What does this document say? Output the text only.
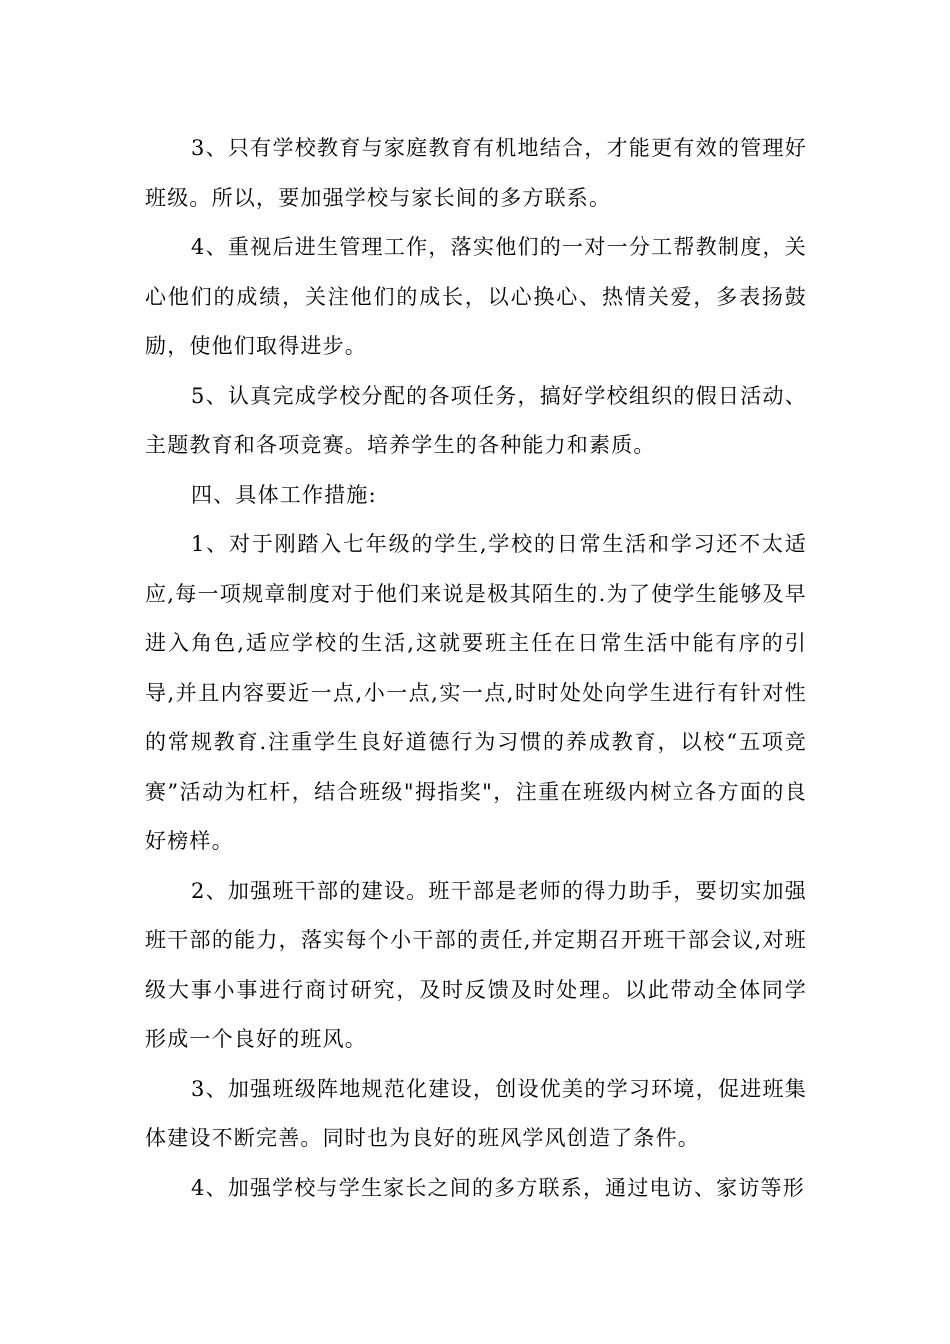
3、只有学校教育与家庭教育有机地结合，才能更有效的管理好班级。所以，要加强学校与家长间的多方联系。

4、重视后进生管理工作，落实他们的一对一分工帮教制度，关心他们的成绩，关注他们的成长，以心换心、热情关爱，多表扬鼓励，使他们取得进步。

5、认真完成学校分配的各项任务，搞好学校组织的假日活动、主题教育和各项竞赛。培养学生的各种能力和素质。

四、具体工作措施:

1、对于刚踏入七年级的学生,学校的日常生活和学习还不太适应,每一项规章制度对于他们来说是极其陌生的.为了使学生能够及早进入角色,适应学校的生活,这就要班主任在日常生活中能有序的引导,并且内容要近一点,小一点,实一点,时时处处向学生进行有针对性的常规教育.注重学生良好道德行为习惯的养成教育，以校“五项竞赛”活动为杠杆，结合班级"拇指奖"，注重在班级内树立各方面的良好榜样。

2、加强班干部的建设。班干部是老师的得力助手，要切实加强班干部的能力，落实每个小干部的责任,并定期召开班干部会议,对班级大事小事进行商讨研究，及时反馈及时处理。以此带动全体同学形成一个良好的班风。

3、加强班级阵地规范化建设，创设优美的学习环境，促进班集体建设不断完善。同时也为良好的班风学风创造了条件。

4、加强学校与学生家长之间的多方联系，通过电访、家访等形
